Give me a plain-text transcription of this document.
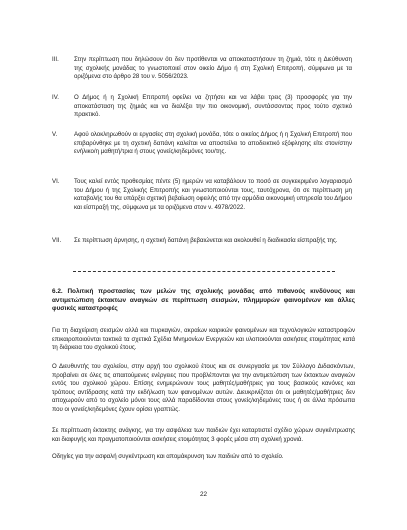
III.	Στην περίπτωση που δηλώσουν ότι δεν προτίθενται να αποκαταστήσουν τη ζημιά, τότε η Διεύθυνση της σχολικής μονάδας το γνωστοποιεί στον οικείο Δήμο ή στη Σχολική Επιτροπή, σύμφωνα με τα οριζόμενα στο άρθρο 28 του ν. 5056/2023.
IV.	Ο Δήμος ή η Σχολική Επιτροπή οφείλει να ζητήσει και να λάβει τρεις (3) προσφορές για την αποκατάσταση της ζημιάς και να διαλέξει την πιο οικονομική, συντάσσοντας προς τούτο σχετικό πρακτικό.
V.	Αφού ολοκληρωθούν οι εργασίες στη σχολική μονάδα, τότε ο οικείος Δήμος ή η Σχολική Επιτροπή που επιβαρύνθηκε με τη σχετική δαπάνη καλείται να αποστείλει το αποδεικτικό εξόφλησης είτε στον/στην ενήλικο/η μαθητή/τρια ή στους γονείς/κηδεμόνες του/της.
VI.	Τους καλεί εντός προθεσμίας πέντε (5) ημερών να καταβάλουν το ποσό σε συγκεκριμένο λογαριασμό του Δήμου ή της Σχολικής Επιτροπής και γνωστοποιούνται τους, ταυτόχρονα, ότι σε περίπτωση μη καταβολής του θα υπάρξει σχετική βεβαίωση οφειλής από την αρμόδια οικονομική υπηρεσία του Δήμου και είσπραξή της, σύμφωνα με τα οριζόμενα στον ν. 4978/2022.
VII.	Σε περίπτωση άρνησης, η σχετική δαπάνη βεβαιώνεται και ακολουθεί η διαδικασία είσπραξής της.
6.2. Πολιτική προστασίας των μελών της σχολικής μονάδας από πιθανούς κινδύνους και αντιμετώπιση έκτακτων αναγκών σε περίπτωση σεισμών, πλημμυρών φαινομένων και άλλες φυσικές καταστροφές
Για τη διαχείριση σεισμών αλλά και πυρκαγιών, ακραίων καιρικών φαινομένων και τεχνολογικών καταστροφών επικαιροποιούνται τακτικά τα σχετικά Σχέδια Μνημονίων Ενεργειών και υλοποιούνται ασκήσεις ετοιμότητας κατά τη διάρκεια του σχολικού έτους.
Ο Διευθυντής του σχολείου, στην αρχή του σχολικού έτους και σε συνεργασία με τον Σύλλογο Διδασκόντων, προβαίνει σε όλες τις απαιτούμενες ενέργειες που προβλέπονται για την αντιμετώπιση των έκτακτων αναγκών εντός του σχολικού χώρου. Επίσης ενημερώνουν τους μαθητές/μαθήτριες για τους βασικούς κανόνες και τρόπους αντίδρασης κατά την εκδήλωση των φαινομένων αυτών. Διευκρινίζεται ότι οι μαθητές/μαθήτριες δεν αποχωρούν από το σχολείο μόνοι τους αλλά παραδίδονται στους γονείς/κηδεμόνες τους ή σε άλλα πρόσωπα που οι γονείς/κηδεμόνες έχουν ορίσει γραπτώς.
Σε περίπτωση έκτακτης ανάγκης, για την ασφάλεια των παιδιών έχει καταρτιστεί σχέδιο χώρων συγκέντρωσης και διαφυγής και πραγματοποιούνται ασκήσεις ετοιμότητας 3 φορές μέσα στη σχολική χρονιά.
Οδηγίες για την ασφαλή συγκέντρωση και απομάκρυνση των παιδιών από το σχολείο.
22
